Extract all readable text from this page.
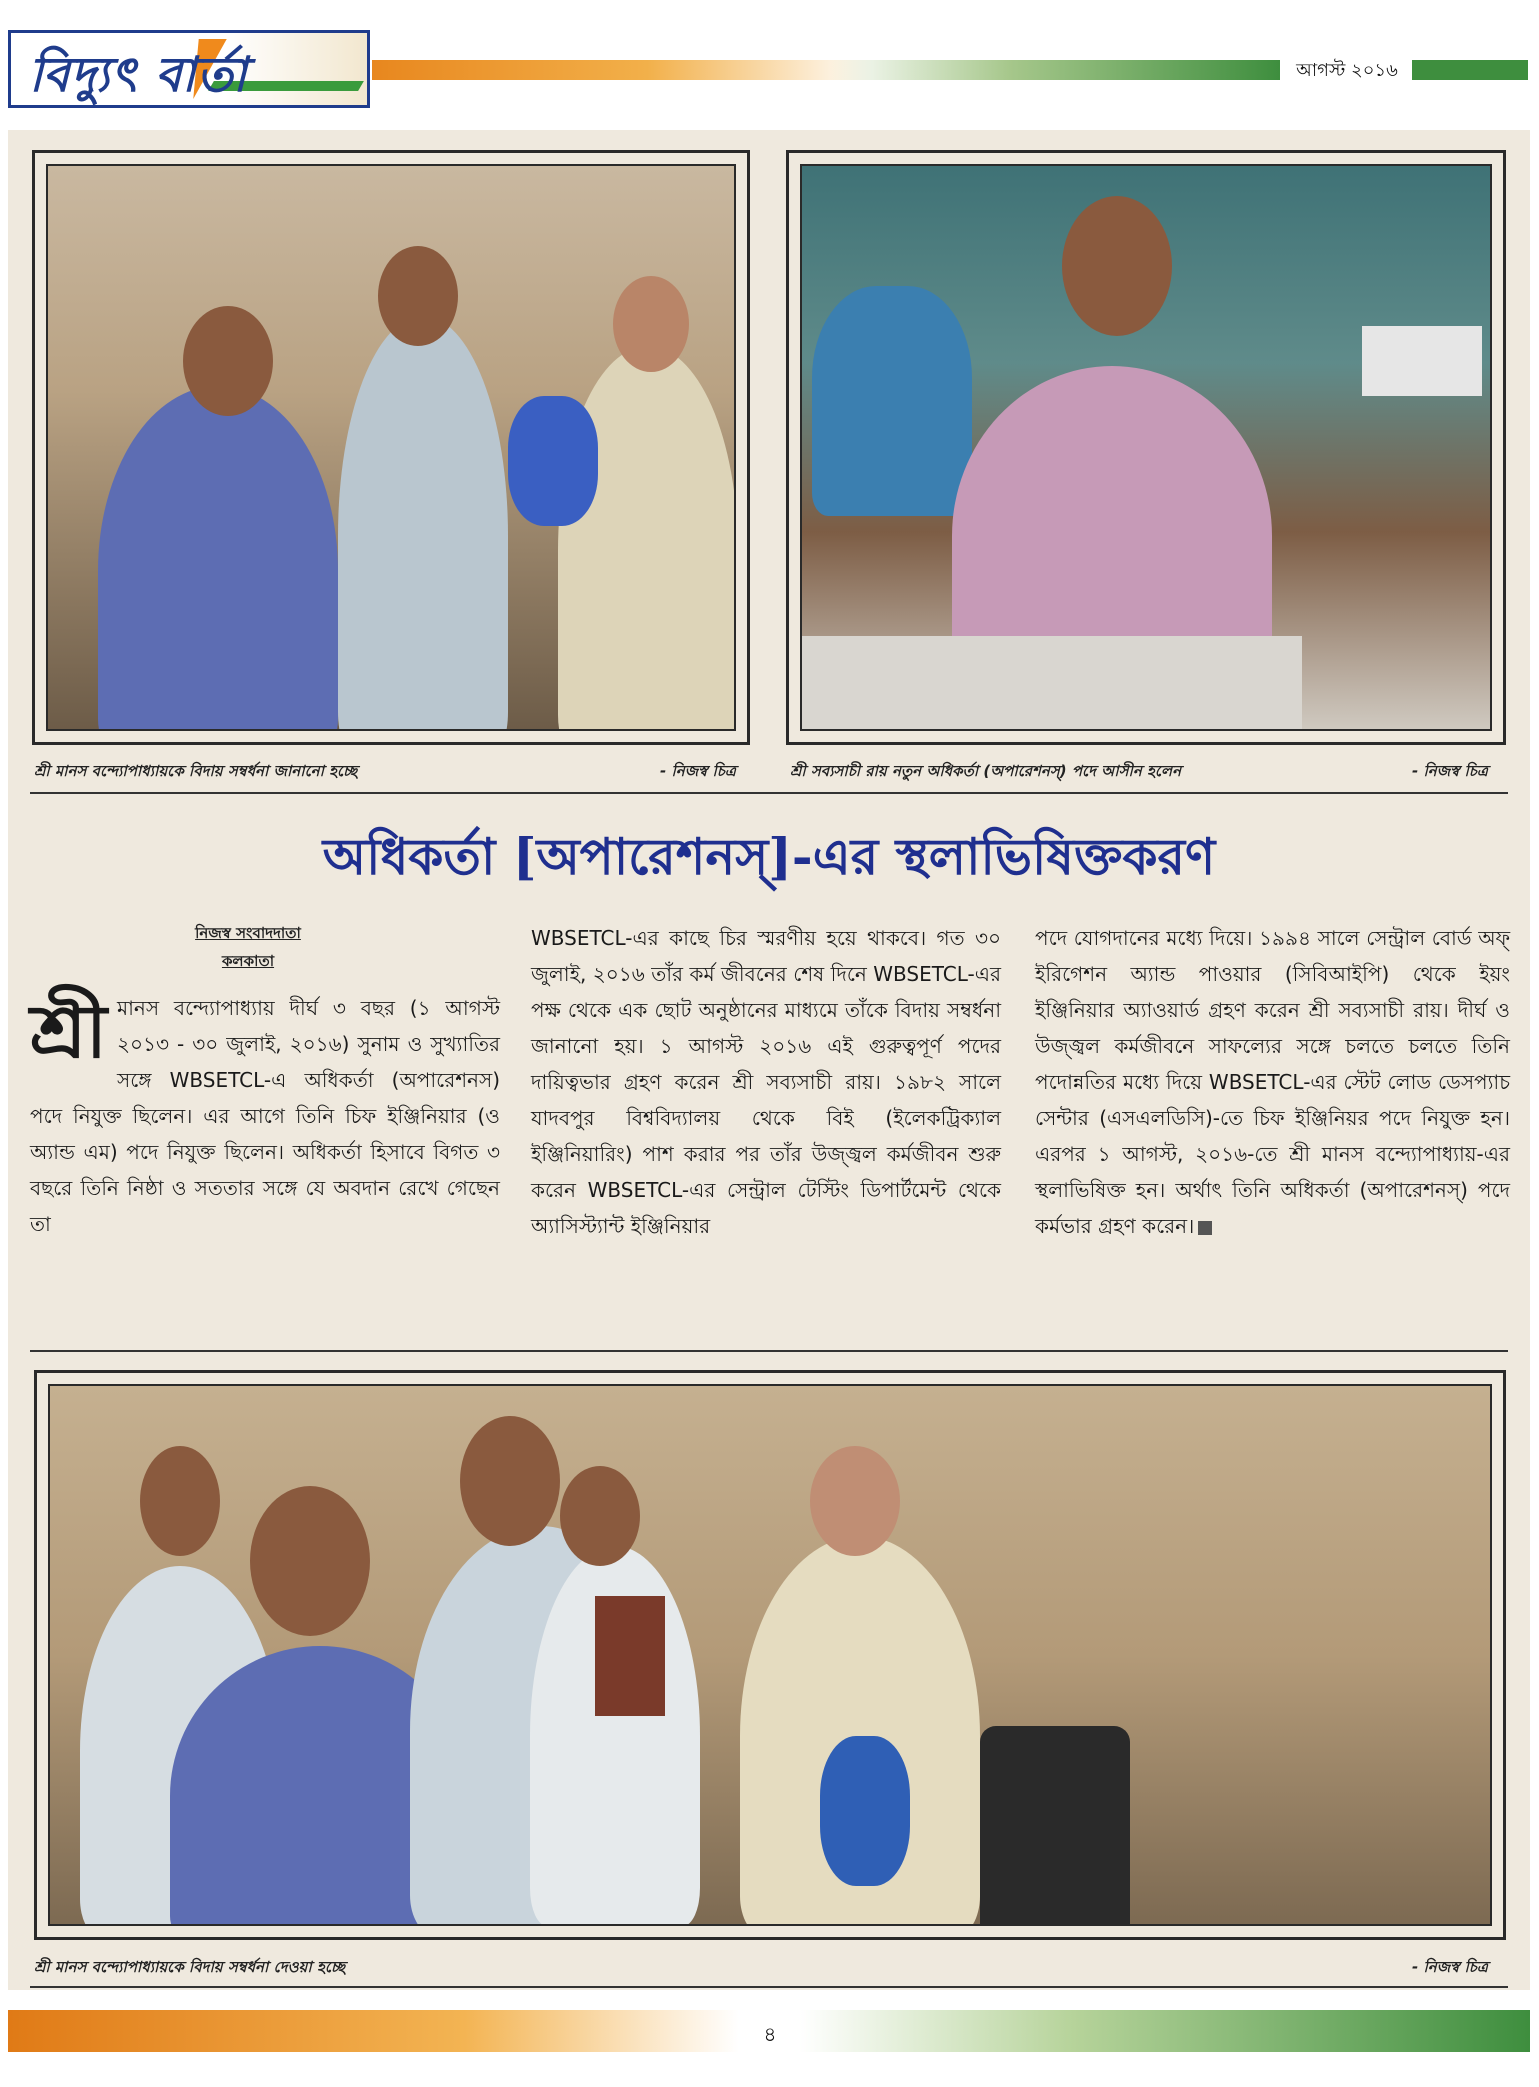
বিদ্যুৎ বার্তা	আগস্ট ২০১৬
শ্রী মানস বন্দ্যোপাধ্যায়কে বিদায় সম্বর্ধনা জানানো হচ্ছে	- নিজস্ব চিত্র	শ্রী সব্যসাচী রায় নতুন অধিকর্তা (অপারেশনস্‌) পদে আসীন হলেন	- নিজস্ব চিত্র
অধিকর্তা [অপারেশনস্‌]-এর স্থলাভিষিক্তকরণ
নিজস্ব সংবাদদাতা
কলকাতা
শ্রী মানস বন্দ্যোপাধ্যায় দীর্ঘ ৩ বছর (১ আগস্ট ২০১৩ - ৩০ জুলাই, ২০১৬) সুনাম ও সুখ্যাতির সঙ্গে WBSETCL-এ অধিকর্তা (অপারেশনস) পদে নিযুক্ত ছিলেন। এর আগে তিনি চিফ ইঞ্জিনিয়ার (ও অ্যান্ড এম) পদে নিযুক্ত ছিলেন। অধিকর্তা হিসাবে বিগত ৩ বছরে তিনি নিষ্ঠা ও সততার সঙ্গে যে অবদান রেখে গেছেন তা
WBSETCL-এর কাছে চির স্মরণীয় হয়ে থাকবে। গত ৩০ জুলাই, ২০১৬ তাঁর কর্ম জীবনের শেষ দিনে WBSETCL-এর পক্ষ থেকে এক ছোট অনুষ্ঠানের মাধ্যমে তাঁকে বিদায় সম্বর্ধনা জানানো হয়। ১ আগস্ট ২০১৬ এই গুরুত্বপূর্ণ পদের দায়িত্বভার গ্রহণ করেন শ্রী সব্যসাচী রায়। ১৯৮২ সালে যাদবপুর বিশ্ববিদ্যালয় থেকে বিই (ইলেকট্রিক্যাল ইঞ্জিনিয়ারিং) পাশ করার পর তাঁর উজ্জ্বল কর্মজীবন শুরু করেন WBSETCL-এর সেন্ট্রাল টেস্টিং ডিপার্টমেন্ট থেকে অ্যাসিস্ট্যান্ট ইঞ্জিনিয়ার
পদে যোগদানের মধ্যে দিয়ে। ১৯৯৪ সালে সেন্ট্রাল বোর্ড অফ্‌ ইরিগেশন অ্যান্ড পাওয়ার (সিবিআইপি) থেকে ইয়ং ইঞ্জিনিয়ার অ্যাওয়ার্ড গ্রহণ করেন শ্রী সব্যসাচী রায়। দীর্ঘ ও উজ্জ্বল কর্মজীবনে সাফল্যের সঙ্গে চলতে চলতে তিনি পদোন্নতির মধ্যে দিয়ে WBSETCL-এর স্টেট লোড ডেসপ্যাচ সেন্টার (এসএলডিসি)-তে চিফ ইঞ্জিনিয়র পদে নিযুক্ত হন। এরপর ১ আগস্ট, ২০১৬-তে শ্রী মানস বন্দ্যোপাধ্যায়-এর স্থলাভিষিক্ত হন। অর্থাৎ তিনি অধিকর্তা (অপারেশনস্‌) পদে কর্মভার গ্রহণ করেন।
শ্রী মানস বন্দ্যোপাধ্যায়কে বিদায় সম্বর্ধনা দেওয়া হচ্ছে	- নিজস্ব চিত্র
৪
